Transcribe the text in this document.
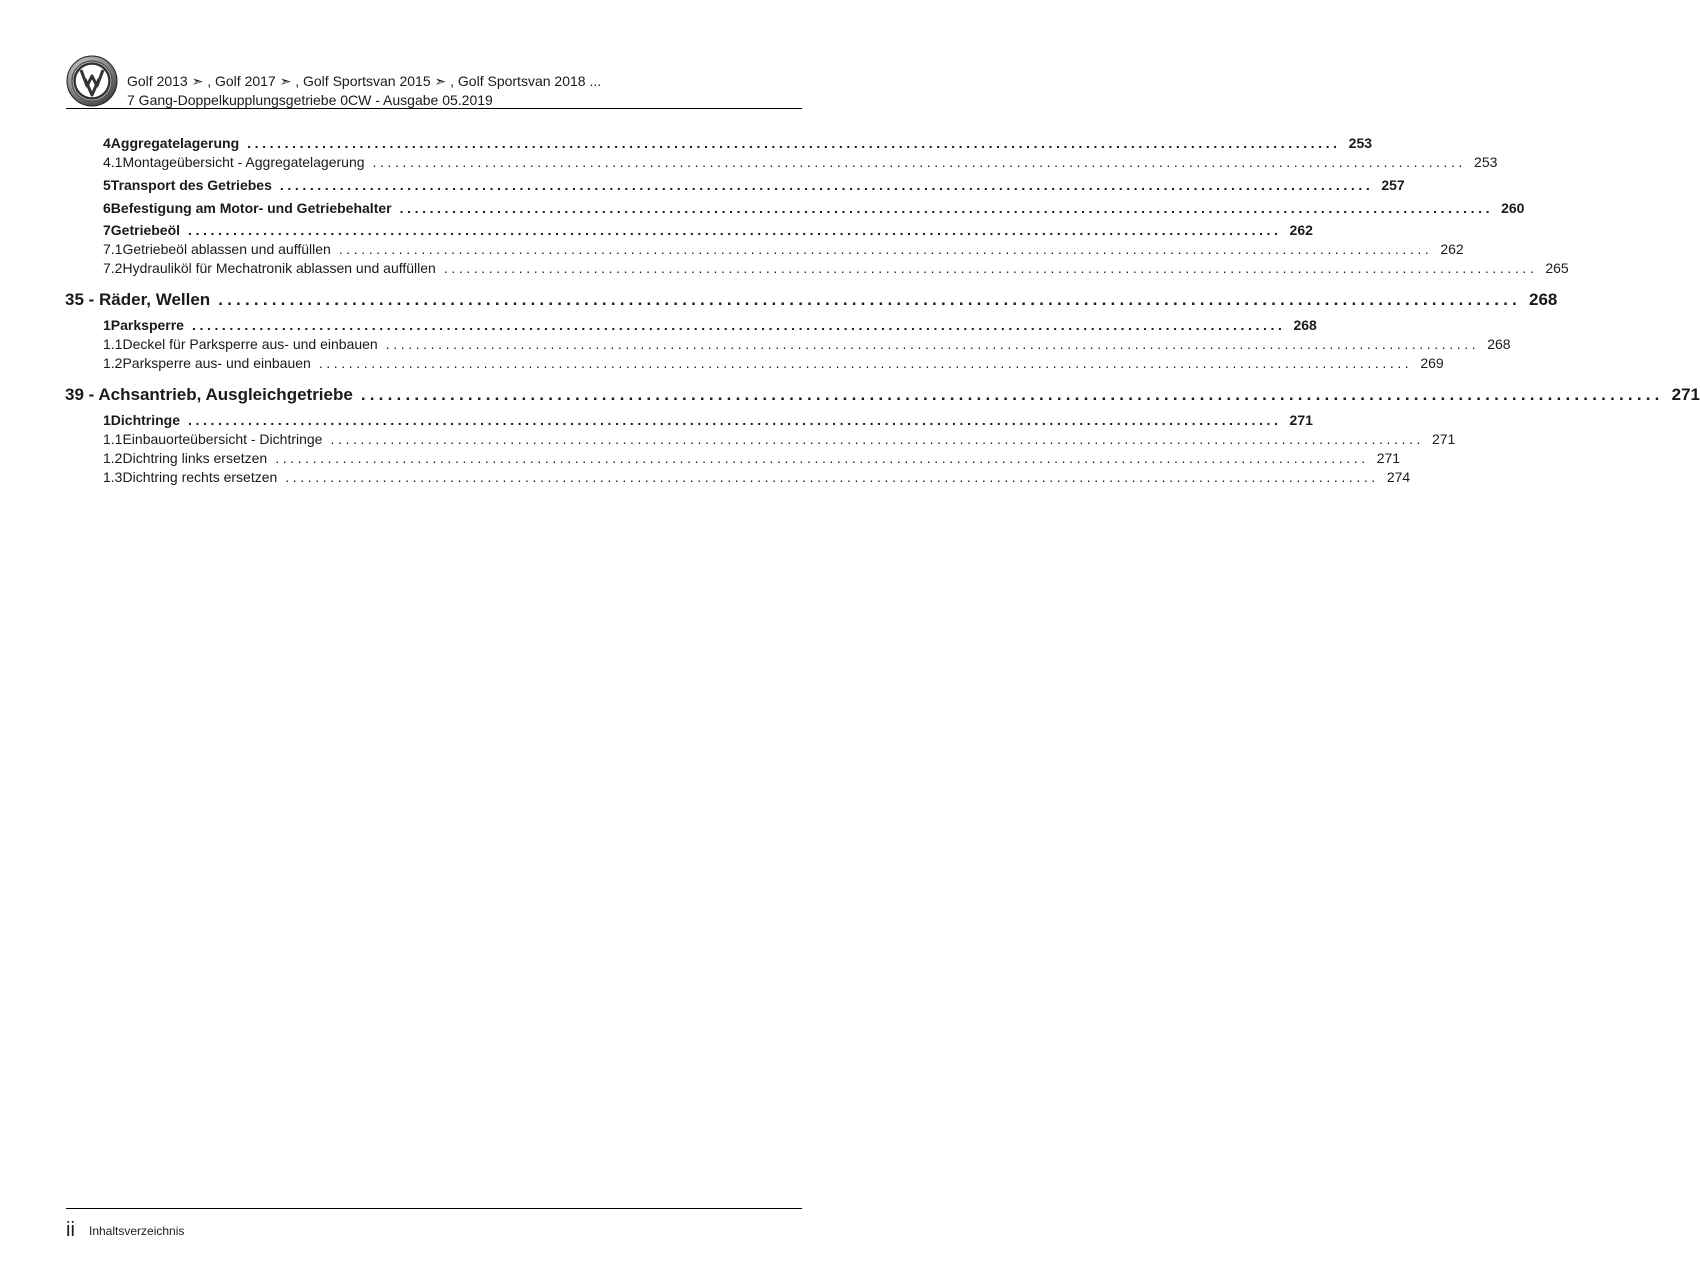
Golf 2013 ➣ , Golf 2017 ➣ , Golf Sportsvan 2015 ➣ , Golf Sportsvan 2018 ...
7 Gang-Doppelkupplungsgetriebe 0CW - Ausgabe 05.2019
4 Aggregatelagerung .................................................................................................................................................. 253
4.1 Montageübersicht - Aggregatelagerung .................................................................................................................................................. 253
5 Transport des Getriebes .................................................................................................................................................. 257
6 Befestigung am Motor- und Getriebehalter .................................................................................................................................................. 260
7 Getriebeöl .................................................................................................................................................. 262
7.1 Getriebeöl ablassen und auffüllen .................................................................................................................................................. 262
7.2 Hydrauliköl für Mechatronik ablassen und auffüllen .................................................................................................................................................. 265
35 - Räder, Wellen .................................................................................................................................................. 268
1 Parksperre .................................................................................................................................................. 268
1.1 Deckel für Parksperre aus- und einbauen .................................................................................................................................................. 268
1.2 Parksperre aus- und einbauen .................................................................................................................................................. 269
39 - Achsantrieb, Ausgleichgetriebe .................................................................................................................................................. 271
1 Dichtringe .................................................................................................................................................. 271
1.1 Einbauorteübersicht - Dichtringe .................................................................................................................................................. 271
1.2 Dichtring links ersetzen .................................................................................................................................................. 271
1.3 Dichtring rechts ersetzen .................................................................................................................................................. 274
ii Inhaltsverzeichnis
